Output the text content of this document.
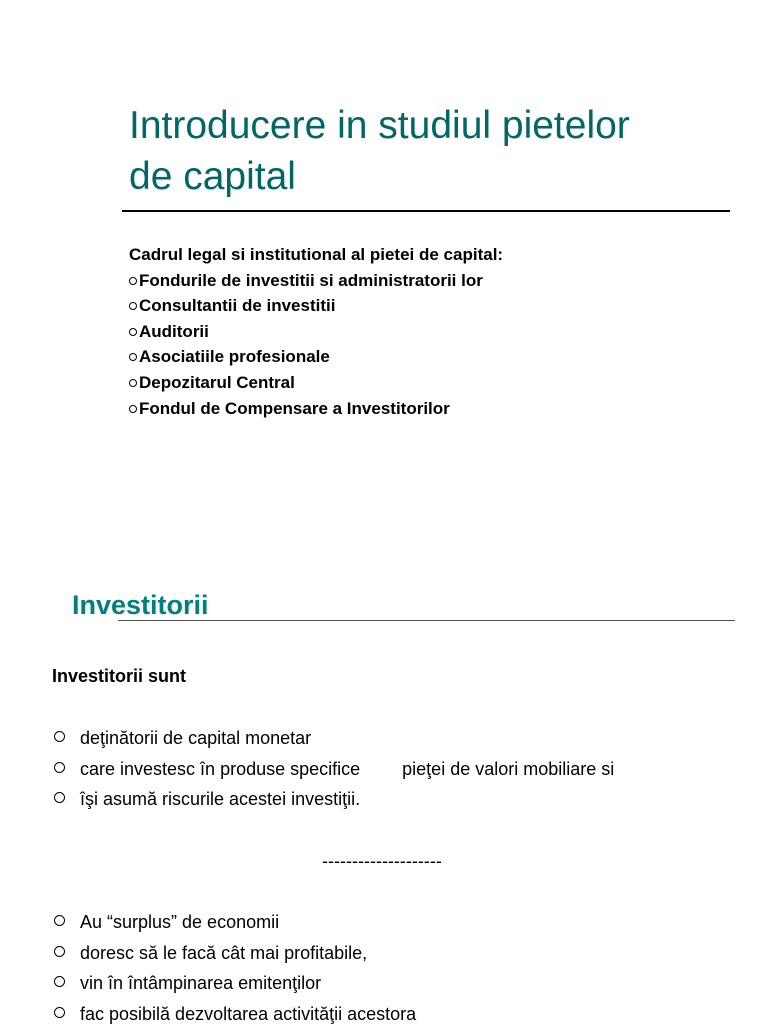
Introducere in studiul pietelor
de capital
Cadrul legal si institutional al pietei de capital:
Fondurile de investitii si administratorii lor
Consultantii de investitii
Auditorii
Asociatiile profesionale
Depozitarul Central
Fondul de Compensare a Investitorilor
Investitorii

Investitorii sunt

deţinătorii de capital monetar
care investesc în produse specifice pieţei de valori mobiliare si
îşi asumă riscurile acestei investiţii.

--------------------

Au “surplus” de economii
doresc să le facă cât mai profitabile,
vin în întâmpinarea emitenţilor
fac posibilă dezvoltarea activităţii acestora
